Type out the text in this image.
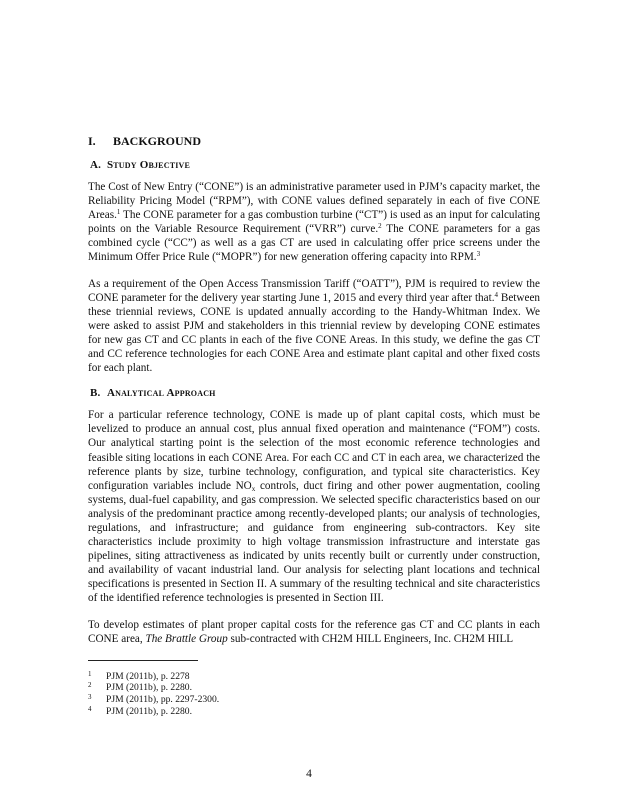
I. BACKGROUND
A. Study Objective

The Cost of New Entry (“CONE”) is an administrative parameter used in PJM’s capacity market, the Reliability Pricing Model (“RPM”), with CONE values defined separately in each of five CONE Areas.$^1$ The CONE parameter for a gas combustion turbine (“CT”) is used as an input for calculating points on the Variable Resource Requirement (“VRR”) curve.$^2$ The CONE parameters for a gas combined cycle (“CC”) as well as a gas CT are used in calculating offer price screens under the Minimum Offer Price Rule (“MOPR”) for new generation offering capacity into RPM.$^3$

As a requirement of the Open Access Transmission Tariff (“OATT”), PJM is required to review the CONE parameter for the delivery year starting June 1, 2015 and every third year after that.$^4$ Between these triennial reviews, CONE is updated annually according to the Handy-Whitman Index. We were asked to assist PJM and stakeholders in this triennial review by developing CONE estimates for new gas CT and CC plants in each of the five CONE Areas. In this study, we define the gas CT and CC reference technologies for each CONE Area and estimate plant capital and other fixed costs for each plant.

B. Analytical Approach

For a particular reference technology, CONE is made up of plant capital costs, which must be levelized to produce an annual cost, plus annual fixed operation and maintenance (“FOM”) costs. Our analytical starting point is the selection of the most economic reference technologies and feasible siting locations in each CONE Area. For each CC and CT in each area, we characterized the reference plants by size, turbine technology, configuration, and typical site characteristics. Key configuration variables include $NO_x$ controls, duct firing and other power augmentation, cooling systems, dual-fuel capability, and gas compression. We selected specific characteristics based on our analysis of the predominant practice among recently-developed plants; our analysis of technologies, regulations, and infrastructure; and guidance from engineering sub-contractors. Key site characteristics include proximity to high voltage transmission infrastructure and interstate gas pipelines, siting attractiveness as indicated by units recently built or currently under construction, and availability of vacant industrial land. Our analysis for selecting plant locations and technical specifications is presented in Section II. A summary of the resulting technical and site characteristics of the identified reference technologies is presented in Section III.

To develop estimates of plant proper capital costs for the reference gas CT and CC plants in each CONE area, The Brattle Group sub-contracted with CH2M HILL Engineers, Inc. CH2M HILL

1	PJM (2011b), p. 2278
2	PJM (2011b), p. 2280.
3	PJM (2011b), pp. 2297-2300.
4	PJM (2011b), p. 2280.
4
